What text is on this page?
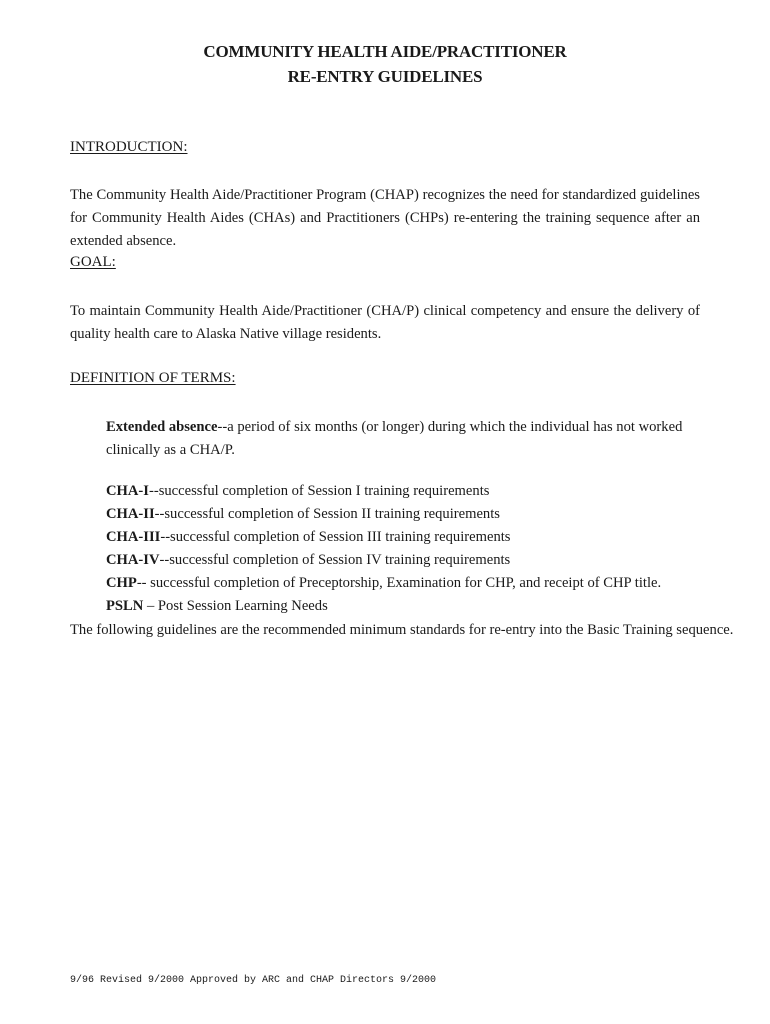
COMMUNITY HEALTH AIDE/PRACTITIONER
RE-ENTRY GUIDELINES
INTRODUCTION:
The Community Health Aide/Practitioner Program (CHAP) recognizes the need for standardized guidelines for Community Health Aides (CHAs) and Practitioners (CHPs) re-entering the training sequence after an extended absence.
GOAL:
To maintain Community Health Aide/Practitioner (CHA/P) clinical competency and ensure the delivery of quality health care to Alaska Native village residents.
DEFINITION OF TERMS:
Extended absence--a period of six months (or longer) during which the individual has not worked clinically as a CHA/P.
CHA-I--successful completion of Session I training requirements
CHA-II--successful completion of Session II training requirements
CHA-III--successful completion of Session III training requirements
CHA-IV--successful completion of Session IV training requirements
CHP-- successful completion of Preceptorship, Examination for CHP, and receipt of CHP title.
PSLN – Post Session Learning Needs
The following guidelines are the recommended minimum standards for re-entry into the Basic Training sequence.
9/96 Revised 9/2000 Approved by ARC and CHAP Directors 9/2000
